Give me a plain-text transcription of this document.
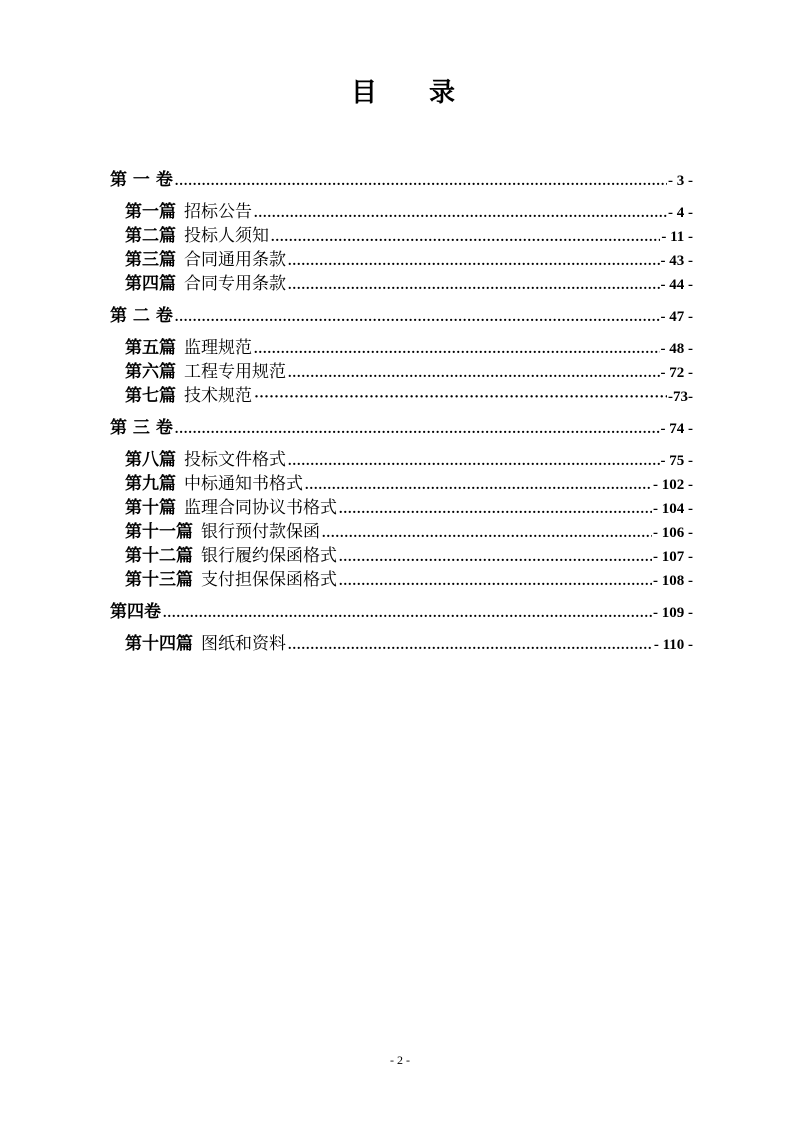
目　　录
第 一 卷 .....	- 3 -
第一篇 招标公告 .....	- 4 -
第二篇 投标人须知 .....	- 11 -
第三篇 合同通用条款 .....	- 43 -
第四篇 合同专用条款 .....	- 44 -
第 二 卷 .....	- 47 -
第五篇 监理规范 .....	- 48 -
第六篇 工程专用规范 .....	- 72 -
第七篇 技术规范 ·····	-73-
第 三 卷 .....	- 74 -
第八篇 投标文件格式 .....	- 75 -
第九篇 中标通知书格式 .....	- 102 -
第十篇 监理合同协议书格式 .....	- 104 -
第十一篇 银行预付款保函 .....	- 106 -
第十二篇 银行履约保函格式 .....	- 107 -
第十三篇 支付担保保函格式 .....	- 108 -
第四卷 .....	- 109 -
第十四篇 图纸和资料 .....	- 110 -
- 2 -
